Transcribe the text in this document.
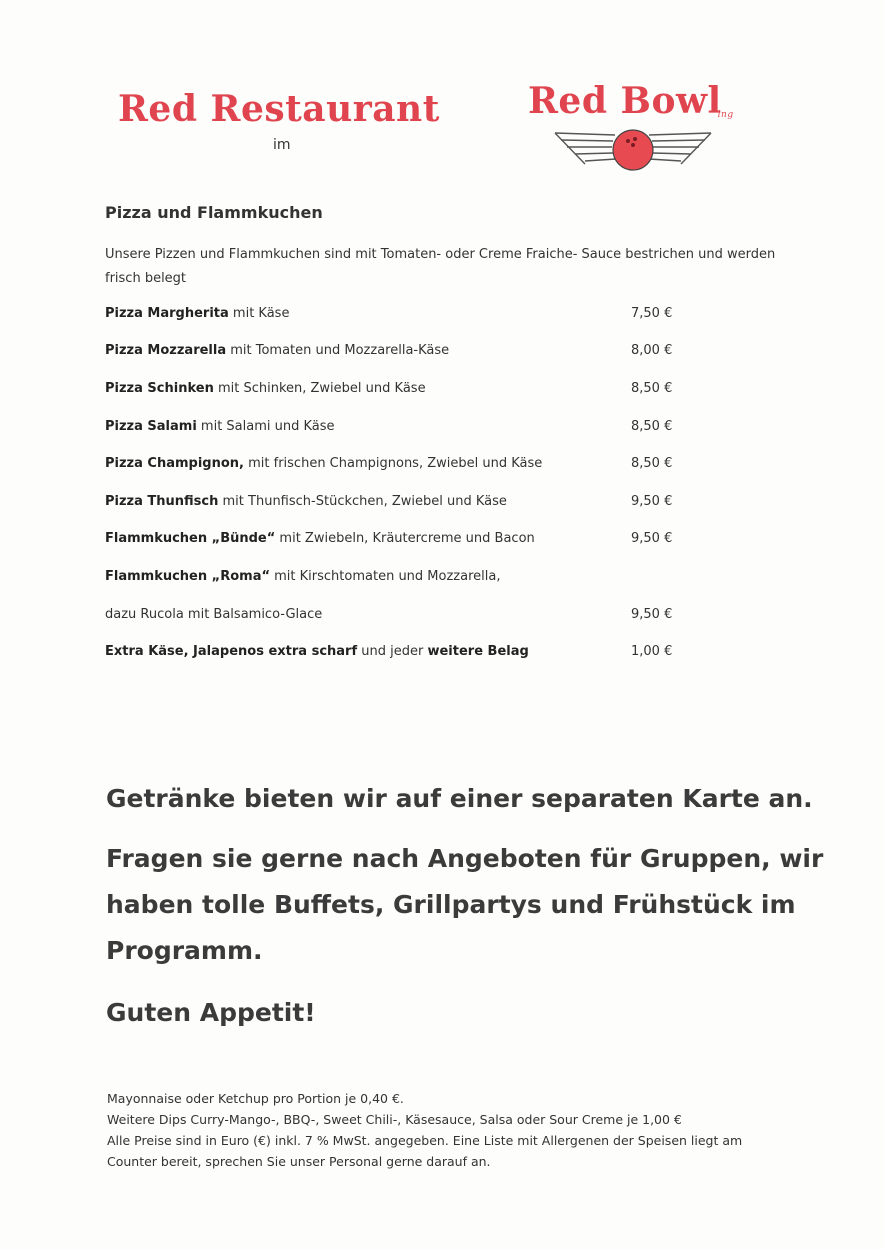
Red Restaurant
im
Red Bowling
Pizza und Flammkuchen
Unsere Pizzen und Flammkuchen sind mit Tomaten- oder Creme Fraiche- Sauce bestrichen und werden frisch belegt
Pizza Margherita mit Käse	7,50 €
Pizza Mozzarella mit Tomaten und Mozzarella-Käse	8,00 €
Pizza Schinken mit Schinken, Zwiebel und Käse	8,50 €
Pizza Salami mit Salami und Käse	8,50 €
Pizza Champignon, mit frischen Champignons, Zwiebel und Käse	8,50 €
Pizza Thunfisch mit Thunfisch-Stückchen, Zwiebel und Käse	9,50 €
Flammkuchen „Bünde“ mit Zwiebeln, Kräutercreme und Bacon	9,50 €
Flammkuchen „Roma“ mit Kirschtomaten und Mozzarella,
dazu Rucola mit Balsamico-Glace	9,50 €
Extra Käse, Jalapenos extra scharf und jeder weitere Belag	1,00 €
Getränke bieten wir auf einer separaten Karte an.
Fragen sie gerne nach Angeboten für Gruppen, wir haben tolle Buffets, Grillpartys und Frühstück im Programm.
Guten Appetit!
Mayonnaise oder Ketchup pro Portion je 0,40 €.
Weitere Dips Curry-Mango-, BBQ-, Sweet Chili-, Käsesauce, Salsa oder Sour Creme je 1,00 €
Alle Preise sind in Euro (€) inkl. 7 % MwSt. angegeben. Eine Liste mit Allergenen der Speisen liegt am
Counter bereit, sprechen Sie unser Personal gerne darauf an.
